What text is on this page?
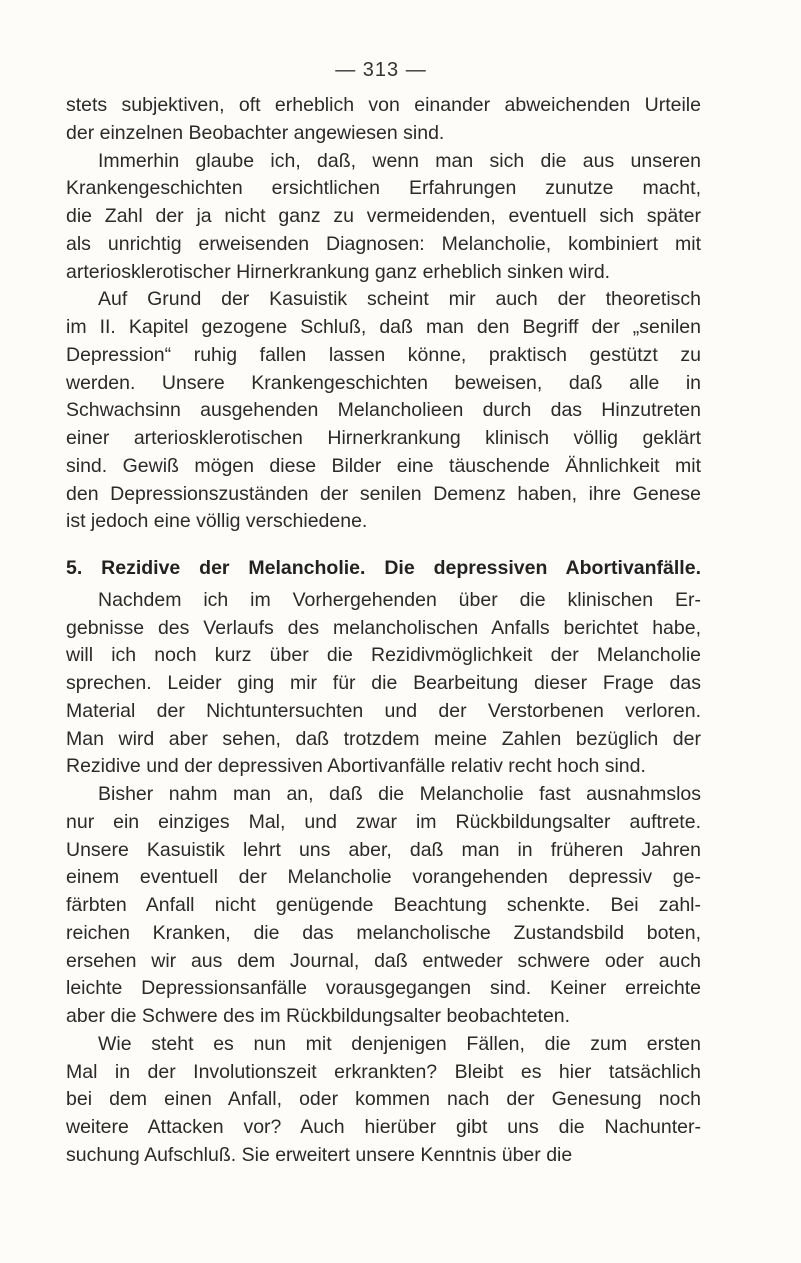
— 313 —
stets subjektiven, oft erheblich von einander abweichenden Urteile
der einzelnen Beobachter angewiesen sind.
Immerhin glaube ich, daß, wenn man sich die aus unseren
Krankengeschichten ersichtlichen Erfahrungen zunutze macht,
die Zahl der ja nicht ganz zu vermeidenden, eventuell sich später
als unrichtig erweisenden Diagnosen: Melancholie, kombiniert mit
arteriosklerotischer Hirnerkrankung ganz erheblich sinken wird.
Auf Grund der Kasuistik scheint mir auch der theoretisch
im II. Kapitel gezogene Schluß, daß man den Begriff der „senilen
Depression“ ruhig fallen lassen könne, praktisch gestützt zu
werden. Unsere Krankengeschichten beweisen, daß alle in
Schwachsinn ausgehenden Melancholieen durch das Hinzutreten
einer arteriosklerotischen Hirnerkrankung klinisch völlig geklärt
sind. Gewiß mögen diese Bilder eine täuschende Ähnlichkeit mit
den Depressionszuständen der senilen Demenz haben, ihre Genese
ist jedoch eine völlig verschiedene.
5. Rezidive der Melancholie. Die depressiven Abortivanfälle.
Nachdem ich im Vorhergehenden über die klinischen Er-
gebnisse des Verlaufs des melancholischen Anfalls berichtet habe,
will ich noch kurz über die Rezidivmöglichkeit der Melancholie
sprechen. Leider ging mir für die Bearbeitung dieser Frage das
Material der Nichtuntersuchten und der Verstorbenen verloren.
Man wird aber sehen, daß trotzdem meine Zahlen bezüglich der
Rezidive und der depressiven Abortivanfälle relativ recht hoch sind.
Bisher nahm man an, daß die Melancholie fast ausnahmslos
nur ein einziges Mal, und zwar im Rückbildungsalter auftrete.
Unsere Kasuistik lehrt uns aber, daß man in früheren Jahren
einem eventuell der Melancholie vorangehenden depressiv ge-
färbten Anfall nicht genügende Beachtung schenkte. Bei zahl-
reichen Kranken, die das melancholische Zustandsbild boten,
ersehen wir aus dem Journal, daß entweder schwere oder auch
leichte Depressionsanfälle vorausgegangen sind. Keiner erreichte
aber die Schwere des im Rückbildungsalter beobachteten.
Wie steht es nun mit denjenigen Fällen, die zum ersten
Mal in der Involutionszeit erkrankten? Bleibt es hier tatsächlich
bei dem einen Anfall, oder kommen nach der Genesung noch
weitere Attacken vor? Auch hierüber gibt uns die Nachunter-
suchung Aufschluß. Sie erweitert unsere Kenntnis über die
